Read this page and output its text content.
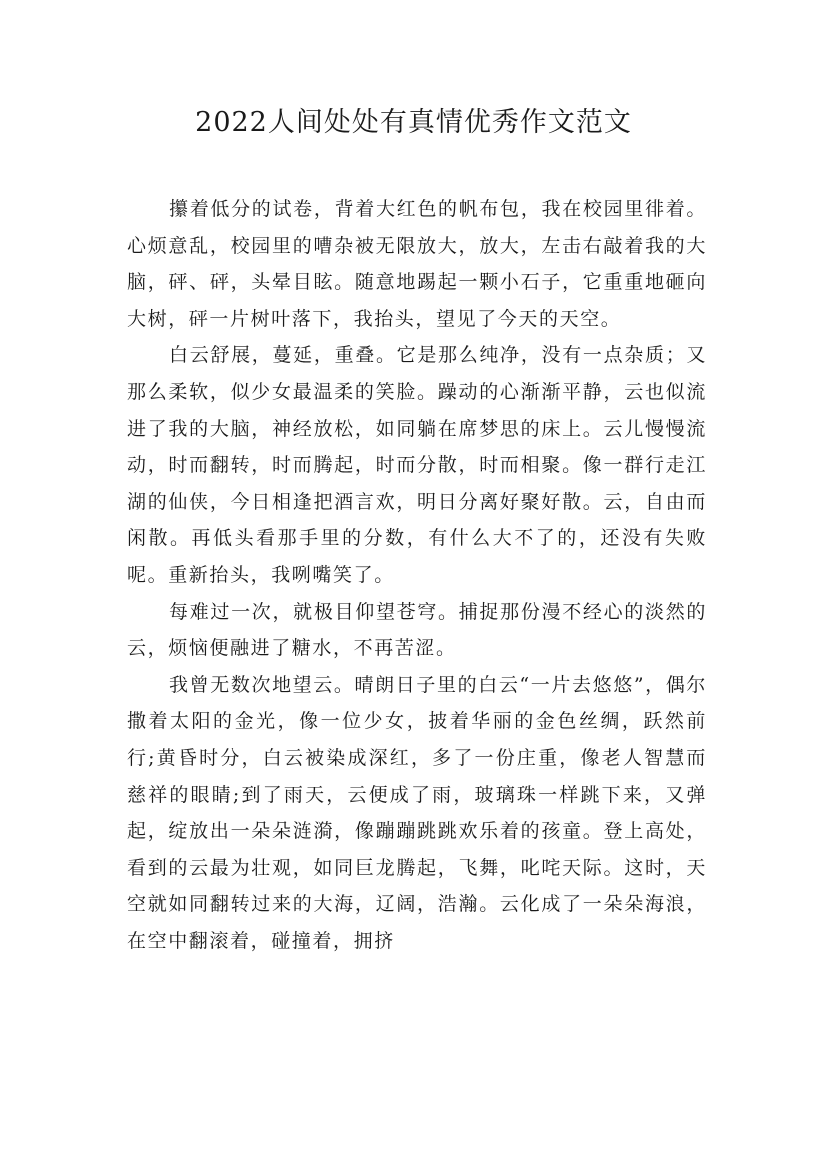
2022人间处处有真情优秀作文范文

攥着低分的试卷，背着大红色的帆布包，我在校园里徘着。心烦意乱，校园里的嘈杂被无限放大，放大，左击右敲着我的大脑，砰、砰，头晕目眩。随意地踢起一颗小石子，它重重地砸向大树，砰一片树叶落下，我抬头，望见了今天的天空。

白云舒展，蔓延，重叠。它是那么纯净，没有一点杂质；又那么柔软，似少女最温柔的笑脸。躁动的心渐渐平静，云也似流进了我的大脑，神经放松，如同躺在席梦思的床上。云儿慢慢流动，时而翻转，时而腾起，时而分散，时而相聚。像一群行走江湖的仙侠，今日相逢把酒言欢，明日分离好聚好散。云，自由而闲散。再低头看那手里的分数，有什么大不了的，还没有失败呢。重新抬头，我咧嘴笑了。

每难过一次，就极目仰望苍穹。捕捉那份漫不经心的淡然的云，烦恼便融进了糖水，不再苦涩。

我曾无数次地望云。晴朗日子里的白云“一片去悠悠”，偶尔撒着太阳的金光，像一位少女，披着华丽的金色丝绸，跃然前行;黄昏时分，白云被染成深红，多了一份庄重，像老人智慧而慈祥的眼睛;到了雨天，云便成了雨，玻璃珠一样跳下来，又弹起，绽放出一朵朵涟漪，像蹦蹦跳跳欢乐着的孩童。登上高处，看到的云最为壮观，如同巨龙腾起，飞舞，叱咤天际。这时，天空就如同翻转过来的大海，辽阔，浩瀚。云化成了一朵朵海浪，在空中翻滚着，碰撞着，拥挤
